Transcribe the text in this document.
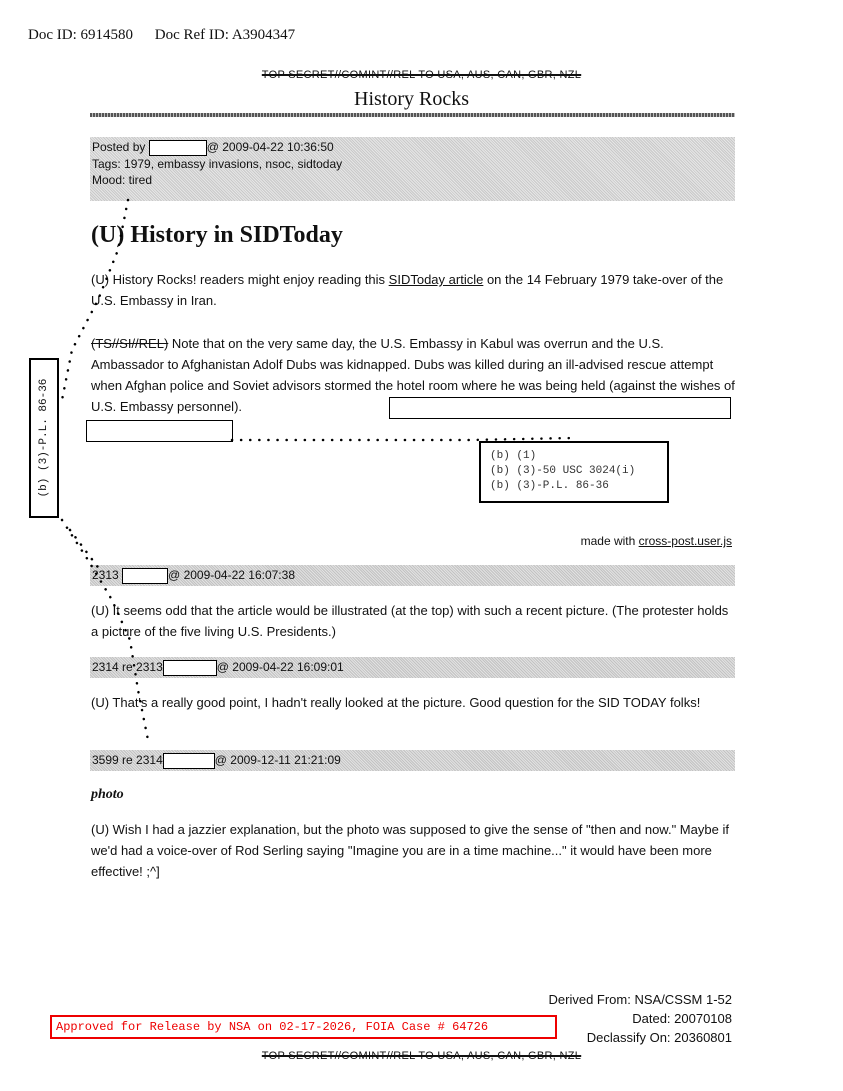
Doc ID: 6914580 Doc Ref ID: A3904347
TOP SECRET//COMINT//REL TO USA, AUS, CAN, GBR, NZL
History Rocks
Posted by	@ 2009-04-22 10:36:50
Tags: 1979, embassy invasions, nsoc, sidtoday
Mood: tired
(U) History in SIDToday
(U) History Rocks! readers might enjoy reading this SIDToday article on the 14 February 1979 take-over of the U.S. Embassy in Iran.
(TS//SI//REL) Note that on the very same day, the U.S. Embassy in Kabul was overrun and the U.S. Ambassador to Afghanistan Adolf Dubs was kidnapped. Dubs was killed during an ill-advised rescue attempt when Afghan police and Soviet advisors stormed the hotel room where he was being held (against the wishes of U.S. Embassy personnel).
(b) (1)
(b) (3)-50 USC 3024(i)
(b) (3)-P.L. 86-36
(b) (3)-P.L. 86-36
made with cross-post.user.js
2313	@ 2009-04-22 16:07:38
(U) It seems odd that the article would be illustrated (at the top) with such a recent picture. (The protester holds a picture of the five living U.S. Presidents.)
2314 re 2313	@ 2009-04-22 16:09:01
(U) That's a really good point, I hadn't really looked at the picture. Good question for the SID TODAY folks!
3599 re 2314	@ 2009-12-11 21:21:09
photo
(U) Wish I had a jazzier explanation, but the photo was supposed to give the sense of "then and now." Maybe if we'd had a voice-over of Rod Serling saying "Imagine you are in a time machine..." it would have been more effective! ;^]
Derived From: NSA/CSSM 1-52
Dated: 20070108
Declassify On: 20360801
Approved for Release by NSA on 02-17-2026, FOIA Case # 64726
TOP SECRET//COMINT//REL TO USA, AUS, CAN, GBR, NZL
